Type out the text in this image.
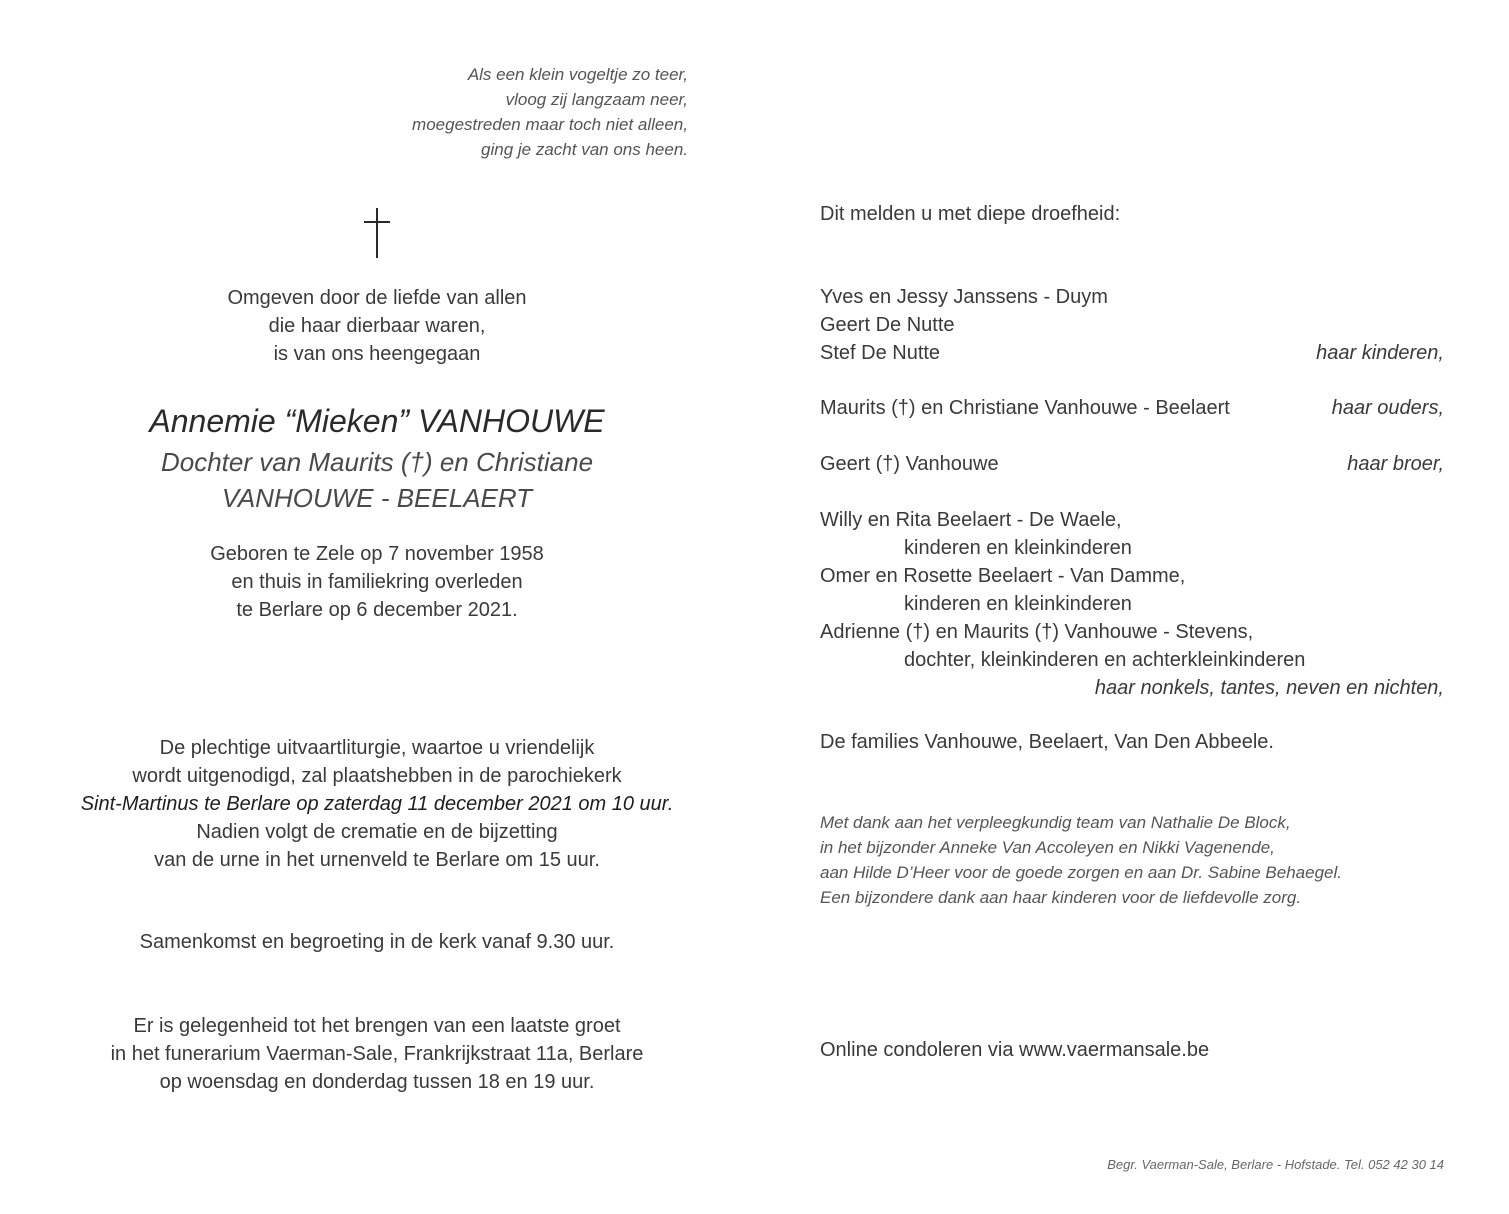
Als een klein vogeltje zo teer,
vloog zij langzaam neer,
moegestreden maar toch niet alleen,
ging je zacht van ons heen.
Omgeven door de liefde van allen
die haar dierbaar waren,
is van ons heengegaan
Annemie “Mieken” VANHOUWE
Dochter van Maurits (†) en Christiane
VANHOUWE - BEELAERT
Geboren te Zele op 7 november 1958
en thuis in familiekring overleden
te Berlare op 6 december 2021.
De plechtige uitvaartliturgie, waartoe u vriendelijk
wordt uitgenodigd, zal plaatshebben in de parochiekerk
Sint-Martinus te Berlare op zaterdag 11 december 2021 om 10 uur.
Nadien volgt de crematie en de bijzetting
van de urne in het urnenveld te Berlare om 15 uur.
Samenkomst en begroeting in de kerk vanaf 9.30 uur.
Er is gelegenheid tot het brengen van een laatste groet
in het funerarium Vaerman-Sale, Frankrijkstraat 11a, Berlare
op woensdag en donderdag tussen 18 en 19 uur.
Dit melden u met diepe droefheid:
Yves en Jessy Janssens - Duym
Geert De Nutte
Stef De Nutte	haar kinderen,
Maurits (†) en Christiane Vanhouwe - Beelaert	haar ouders,
Geert (†) Vanhouwe	haar broer,
Willy en Rita Beelaert - De Waele,
kinderen en kleinkinderen
Omer en Rosette Beelaert - Van Damme,
kinderen en kleinkinderen
Adrienne (†) en Maurits (†) Vanhouwe - Stevens,
dochter, kleinkinderen en achterkleinkinderen
haar nonkels, tantes, neven en nichten,
De families Vanhouwe, Beelaert, Van Den Abbeele.
Met dank aan het verpleegkundig team van Nathalie De Block,
in het bijzonder Anneke Van Accoleyen en Nikki Vagenende,
aan Hilde D’Heer voor de goede zorgen en aan Dr. Sabine Behaegel.
Een bijzondere dank aan haar kinderen voor de liefdevolle zorg.
Online condoleren via www.vaermansale.be
Begr. Vaerman-Sale, Berlare - Hofstade. Tel. 052 42 30 14
